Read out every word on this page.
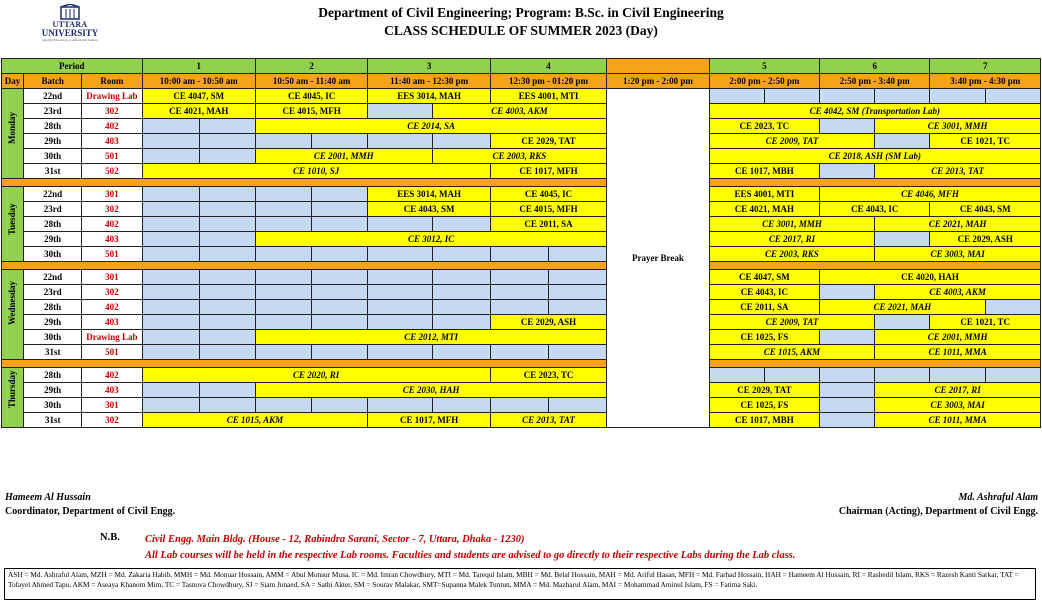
UTTARA
UNIVERSITY
Quality Education at Affordable Tuition
Department of Civil Engineering; Program: B.Sc. in Civil Engineering
CLASS SCHEDULE OF SUMMER 2023 (Day)
Period			1		2		3		4			5		6		7	
Day	Batch	Room	10:00 am - 10:50 am		10:50 am - 11:40 am		11:40 am - 12:30 pm		12:30 pm - 01:20 pm		1:20 pm - 2:00 pm	2:00 pm - 2:50 pm		2:50 pm - 3:40 pm		3:40 pm - 4:30 pm	

Monday	22nd	Drawing Lab	CE 4047, SM		CE 4045, IC		EES 3014, MAH		EES 4001, MTI		Prayer Break						
	23rd	302	CE 4021, MAH		CE 4015, MFH			CE 4003, AKM				CE 4042, SM (Transportation Lab)					
	28th	402			CE 2014, SA							CE 2023, TC			CE 3001, MMH		
	29th	403							CE 2029, TAT			CE 2009, TAT				CE 1021, TC	
	30th	501			CE 2001, MMH			CE 2003, RKS				CE 2018, ASH (SM Lab)					
	31st	502	CE 1010, SJ						CE 1017, MFH			CE 1017, MBH			CE 2013, TAT		

Tuesday	22nd	301					EES 3014, MAH		CE 4045, IC			EES 4001, MTI		CE 4046, MFH			
	23rd	302					CE 4043, SM		CE 4015, MFH			CE 4021, MAH		CE 4043, IC		CE 4043, SM	
	28th	402							CE 2011, SA			CE 3001, MMH			CE 2021, MAH		
	29th	403			CE 3012, IC							CE 2017, RI				CE 2029, ASH	
	30th	501										CE 2003, RKS			CE 3003, MAI		

Wednesday	22nd	301										CE 4047, SM		CE 4020, HAH			
	23rd	302										CE 4043, IC			CE 4003, AKM		
	28th	402										CE 2011, SA		CE 2021, MAH			
	29th	403							CE 2029, ASH			CE 2009, TAT				CE 1021, TC	
	30th	Drawing Lab			CE 2012, MTI							CE 1025, FS			CE 2001, MMH		
	31st	501										CE 1015, AKM			CE 1011, MMA		

Thursday	28th	402	CE 2020, RI						CE 2023, TC								
	29th	403			CE 2030, HAH							CE 2029, TAT			CE 2017, RI		
	30th	301										CE 1025, FS			CE 3003, MAI		
	31st	302	CE 1015, AKM				CE 1017, MFH		CE 2013, TAT			CE 1017, MBH			CE 1011, MMA		
Hameem Al Hussain
Coordinator, Department of Civil Engg.
Md. Ashraful Alam
Chairman (Acting), Department of Civil Engg.
N.B. Civil Engg. Main Bldg. (House - 12, Rabindra Sarani, Sector - 7, Uttara, Dhaka - 1230)
All Lab courses will be held in the respective Lab rooms. Faculties and students are advised to go directly to their respective Labs during the Lab class.
ASH = Md. Ashraful Alam, MZH = Md. Zakaria Habib, MMH = Md. Monuar Hossain, AMM = Abul Monsur Musa, IC = Md. Imran Chowdhury, MTI = Md. Tarequl Islam, MBH = Md. Belal Hossain, MAH = Md. Ariful Hasan, MFH = Md. Farhad Hossain, HAH = Hameem Al Hussain, RI = Rashedil Islam, RKS = Razesh Kanti Sarkar, TAT = Tofayel Ahmed Tapu, AKM = Aseaya Khanom Mim, TC = Tasnova Chowdhury, SJ = Siam Junaed, SA = Sathi Akter, SM = Sourav Malakar, SMT=Supanna Malek Tuntun, MMA = Md. Mazharul Alam, MAI = Mohammad Aminul Islam, FS = Fatima Saki.
